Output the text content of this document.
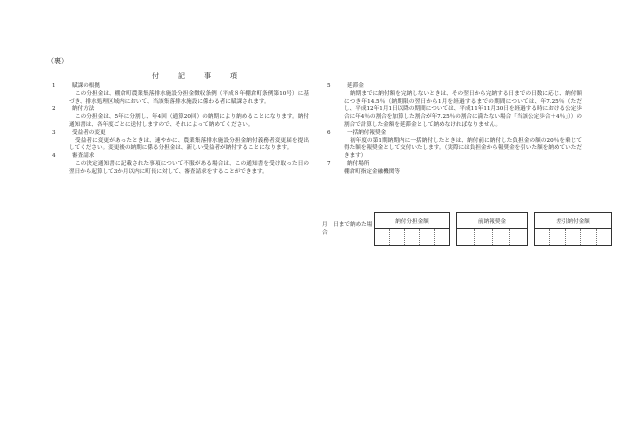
（裏）
付　記　事　項
1	賦課の根拠
この分担金は、棚倉町農業集落排水施設分担金徴収条例（平成８年棚倉町条例第10号）に基づき、排水処理区域内において、当該集落排水施設に係わる者に賦課されます。
2	納付方法
この分担金は、5年に分割し、年4回（通算20回）の納期により納めることになります。納付通知書は、各年度ごとに送付しますので、それによって納めてください。
3	受益者の変更
受益者に変更があったときは、速やかに、農業集落排水施設分担金納付義務者変更届を提出してください。変更後の納期に係る分担金は、新しい受益者が納付することになります。
4	審査請求
この決定通知書に記載された事項について不服がある場合は、この通知書を受け取った日の翌日から起算して3か月以内に町長に対して、審査請求をすることができます。
5	延滞金
納期までに納付額を完納しないときは、その翌日から完納する日までの日数に応じ、納付額につき年14.5％（納期限の翌日から1月を経過するまでの期間については、年7.25％（ただし、平成12年1月1日以降の期間については、平成11年11月30日を経過する時における公定歩合に年4％の割合を加算した割合が年7.25％の割合に満たない場合「当該公定歩合＋4％」））の割合で計算した金額を延滞金として納めなければなりません。
6	一括納付報奨金
初年度の第1期納期内に一括納付したときは、納付前に納付した負担金の額の20％を乗じて得た額を報奨金として交付いたします。（実際には負担金から報奨金を引いた額を納めていただきます）
7	納付場所
棚倉町指定金融機関等
月　日まで納めた場合
納付分担金額		前納報奨金		差引納付金額
